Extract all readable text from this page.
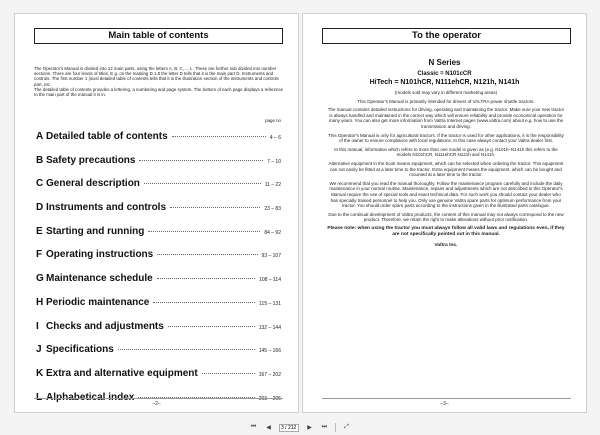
Main table of contents

The Operator's Manual is divided into 12 main parts, using the letters A, B, C, ... L. These are further sub divided into number sections. There are four levels of titles. E.g. on the marking D.1.8 the letter D tells that it is the main part D. Instruments and controls. The first number 1 (sixsl detailed table of contents tells that it is the illustration section of the instruments and controls part, etc.

The detailed table of contents provides a lettering, a numbering and page system. The bottom of each page displays a reference to the main part of the manual it is in.

page no
A Detailed table of contents	4 – 6
B Safety precautions	7 – 10
C General description	11 – 22
D Instruments and controls	23 – 83
E Starting and running	84 – 92
F Operating instructions	93 – 107
G Maintenance schedule	108 – 114
H Periodic maintenance	115 – 131
I Checks and adjustments	132 – 144
J Specifications	145 – 166
K Extra and alternative equipment	167 – 202
L Alphabetical index	203 – 205
–2–
To the operator
N Series
Classic = N101cCR
HiTech = N101hCR, N111ehCR, N121h, N141h

(models sold may vary in different marketing areas)

This Operator's Manual is primarily intended for drivers of VALTRA power shuttle tractors.

The manual contains detailed instructions for driving, operating and maintaining the tractor. Make sure your new tractor is always handled and maintained in the correct way which will ensure reliability and provide economical operation for many years. You can also get more information from Valtra Internet pages (www.valtra.com) about e.g. how to use the transmission and driving.

This Operator's Manual is only for agricultural tractors. If the tractor is used for other applications, it is the responsibility of the owner to ensure compliance with local regulations. In this case always contact your Valtra dealer first.

In this manual, information which refers to more than one model is given as (e.g. N101h–N141h this refers to the models N101hCR, N111ehCR N121h and N141h.

Alternative equipment in the book means equipment, which can be selected when ordering the tractor. This equipment can not easily be fitted at a later time to the tractor. Extra equipment means the equipment, which can be bought and mounted at a later time to the tractor.

We recommend that you read the manual thoroughly. Follow the maintenance program carefully and include the daily maintenance in your normal routine. Maintenance, repairs and adjustments which are not described in this Operator's Manual require the use of special tools and exact technical data. For such work you should contact your dealer who has specially trained personnel to help you. Only use genuine Valtra spare parts for optimum performance from your tractor. You should order spare parts according to the instructions given in the illustrated parts catalogue.

Due to the continual development of Valtra products, the content of this manual may not always correspond to the new product. Therefore, we retain the right to make alterations without prior notification.

Please note: when using the tractor you must always follow all valid laws and regulations even, if they are not specifically pointed out in this manual.

Valtra Inc.

–3–
⏮	◀
3 / 212	▶	⏭	⤢
